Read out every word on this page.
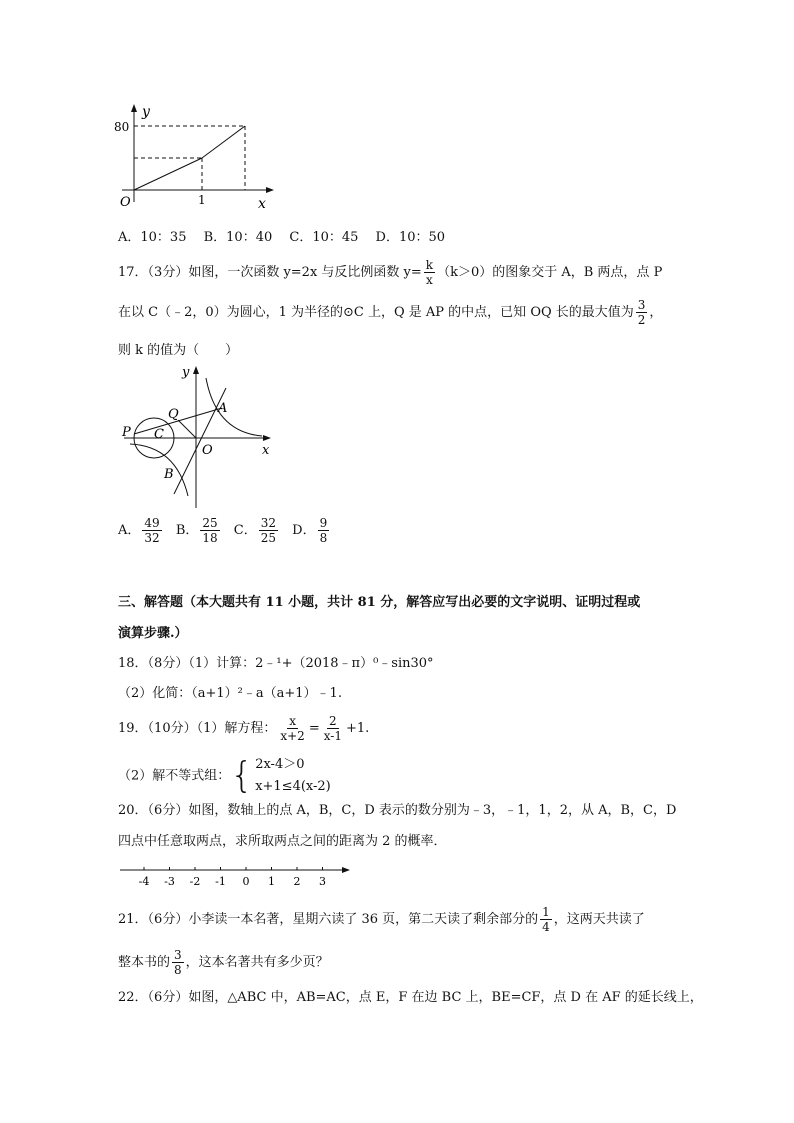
y
80
O	1	x
A．10：35　 B．10：40　 C．10：45　 D．10：50
17．（3分）如图，一次函数 y=2x 与反比例函数 $y= \frac{k}{x} (k>0)$的图象交于 A，B 两点，点 P
在以 C（﹣2，0）为圆心，1 为半径的⊙C 上，Q 是 AP 的中点，已知 OQ 长的最大值为 $\frac{3}{2}$ ，
则 k 的值为（　　）
y
x
O
A
B
C
P
Q
A． $\frac{49}{32}$
B． $\frac{25}{18}$
C． $\frac{32}{25}$
D． $\frac{9}{8}$
三、解答题（本大题共有 11 小题，共计 81 分，解答应写出必要的文字说明、证明过程或
演算步骤.）
18．（8分）（1）计算：2﹣¹+（2018﹣π）⁰﹣sin30°
（2）化简：（a+1）²﹣a（a+1）﹣1.
19．（10分）（1）解方程： $\frac{x}{x+2} = \frac{2}{x-1} +1$.
（2）解不等式组： { 2x-4＞0
x+1≤4(x-2)
20．（6分）如图，数轴上的点 A，B，C，D 表示的数分别为﹣3，﹣1，1，2，从 A，B，C，D
四点中任意取两点，求所取两点之间的距离为 2 的概率．
-4 -3 -2 -1 0 1 2 3
21．（6分）小李读一本名著，星期六读了 36 页，第二天读了剩余部分的 $\frac{1}{4}$ ，这两天共读了
整本书的 $\frac{3}{8}$ ，这本名著共有多少页？
22．（6分）如图，△ABC 中，AB=AC，点 E，F 在边 BC 上，BE=CF，点 D 在 AF 的延长线上，
